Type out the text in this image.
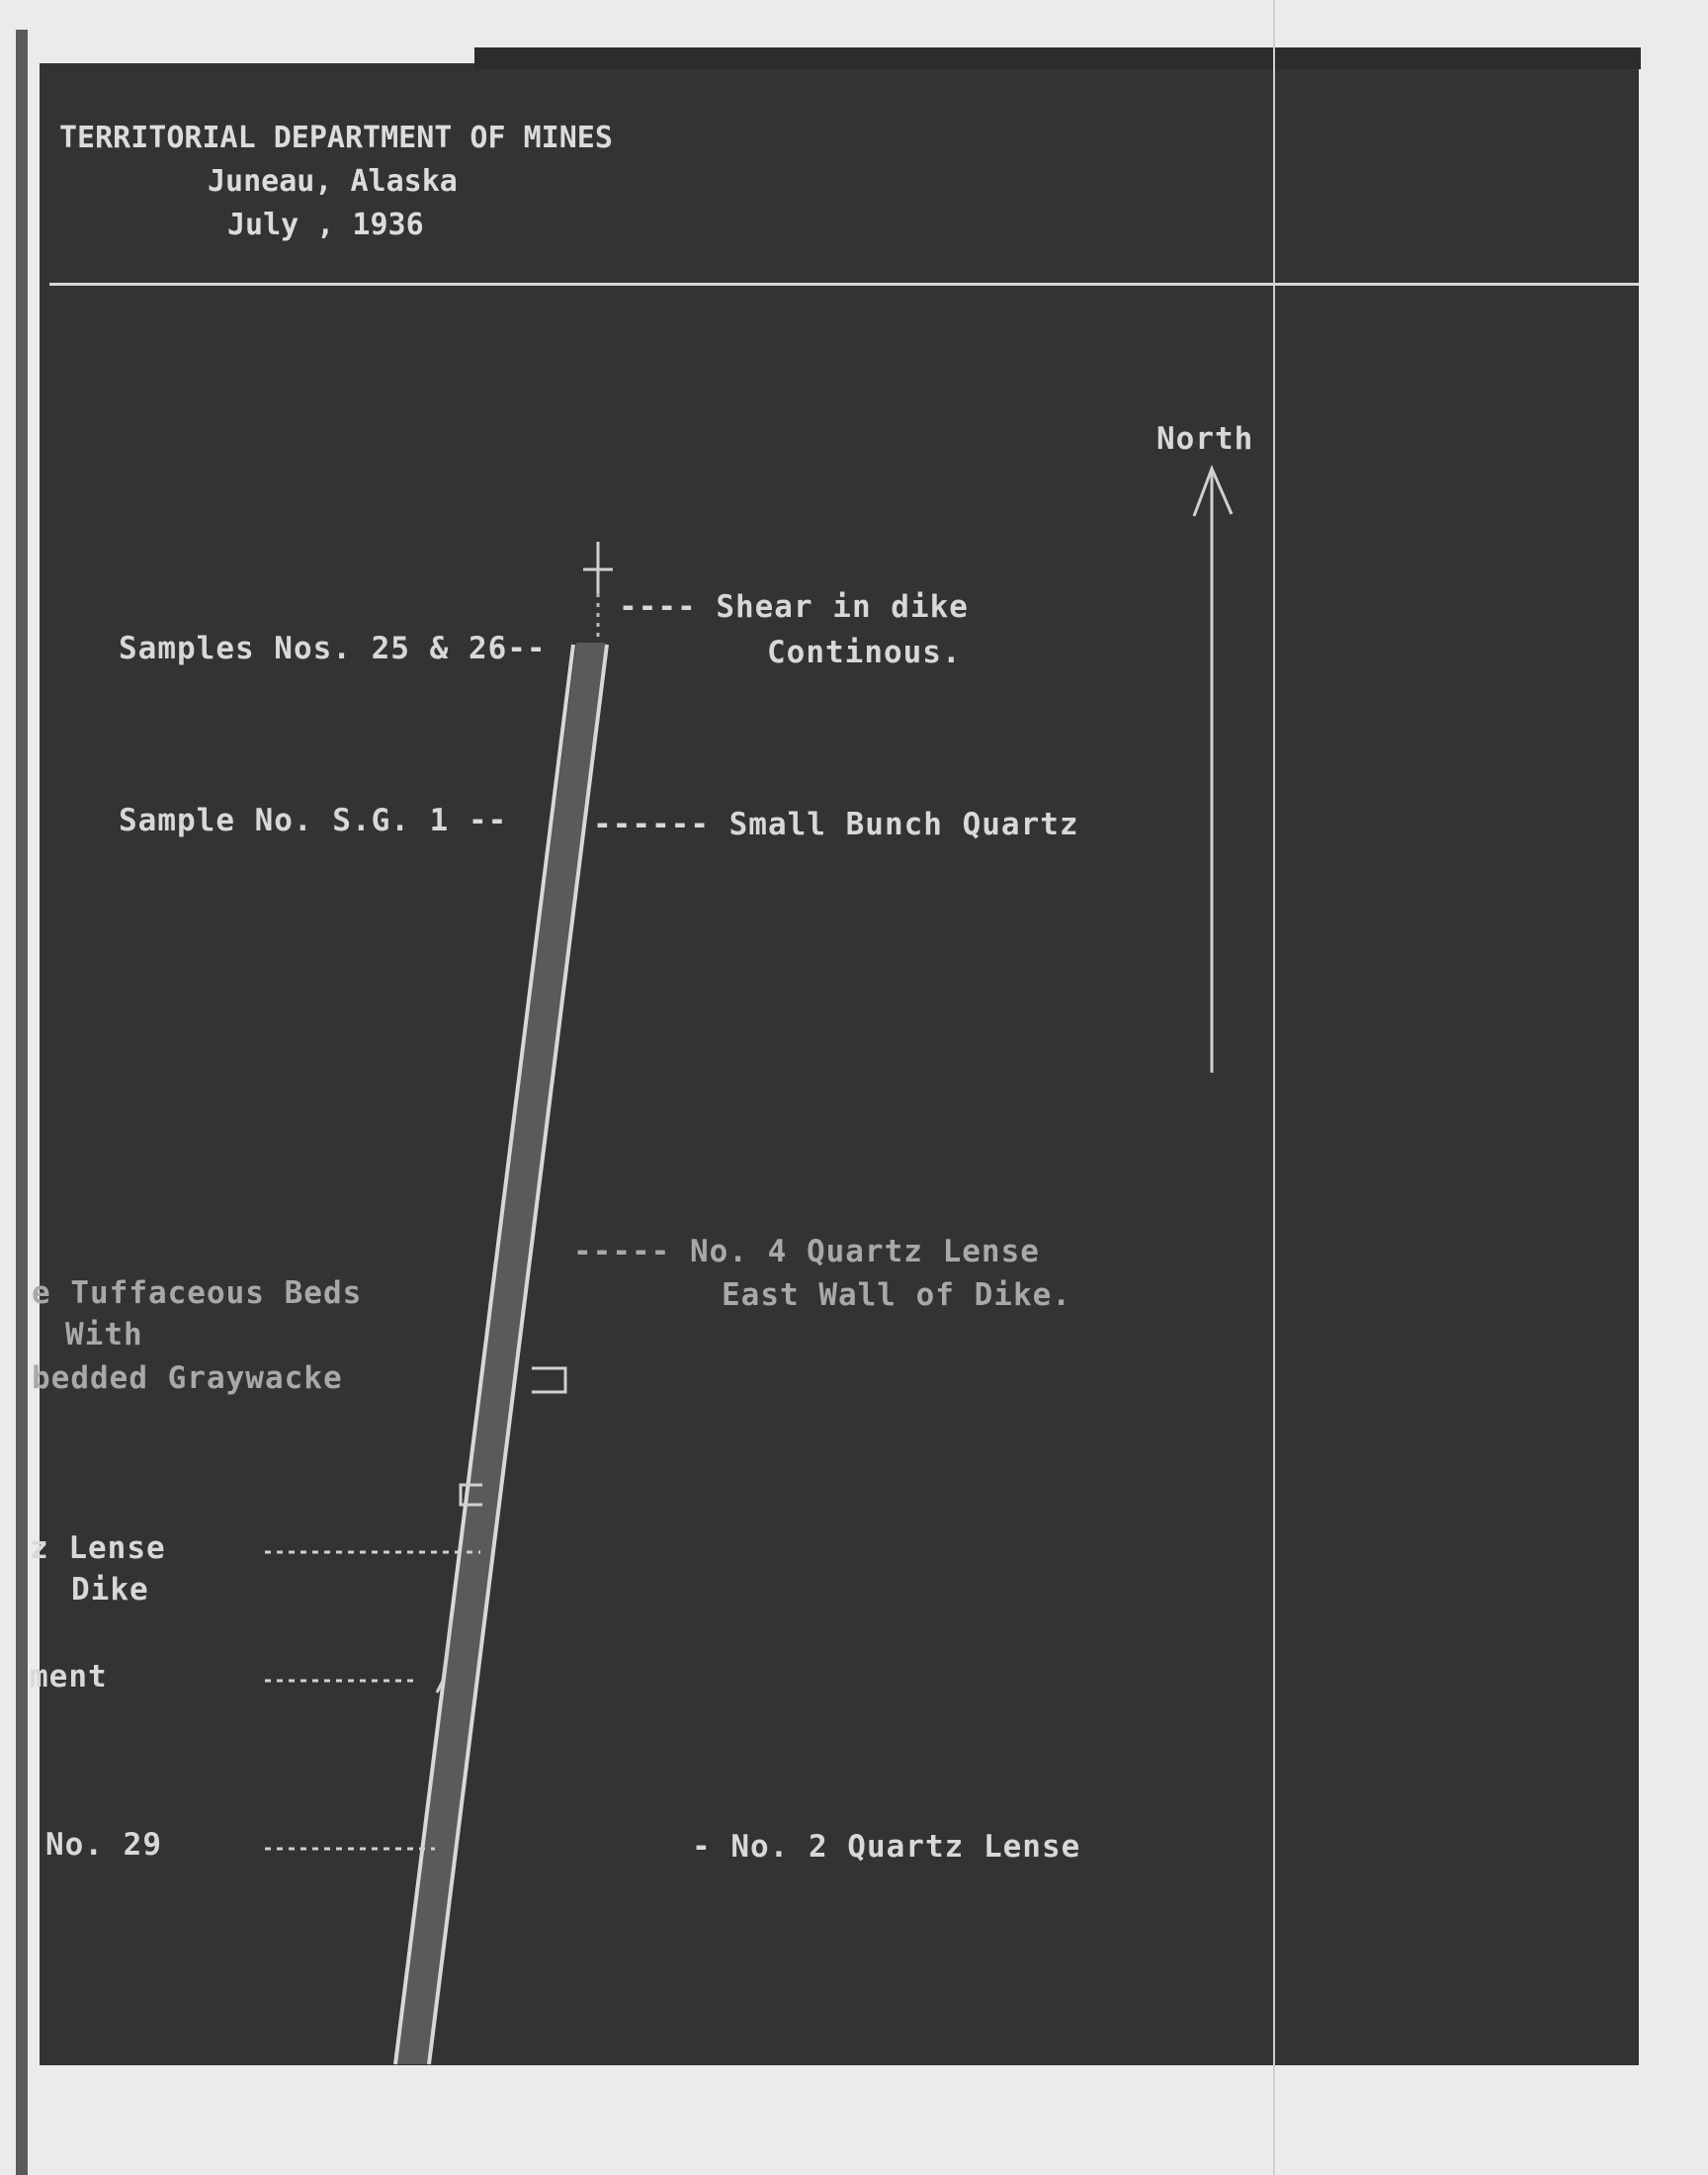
TERRITORIAL DEPARTMENT OF MINES
Juneau, Alaska
July , 1936
North
---- Shear in dike
Continous.
Samples Nos. 25 & 26--
Sample No. S.G. 1 --	------ Small Bunch Quartz
----- No. 4 Quartz Lense
East Wall of Dike.
e Tuffaceous Beds
With
bedded Graywacke
z Lense
Dike
ment
No. 29	- No. 2 Quartz Lense
